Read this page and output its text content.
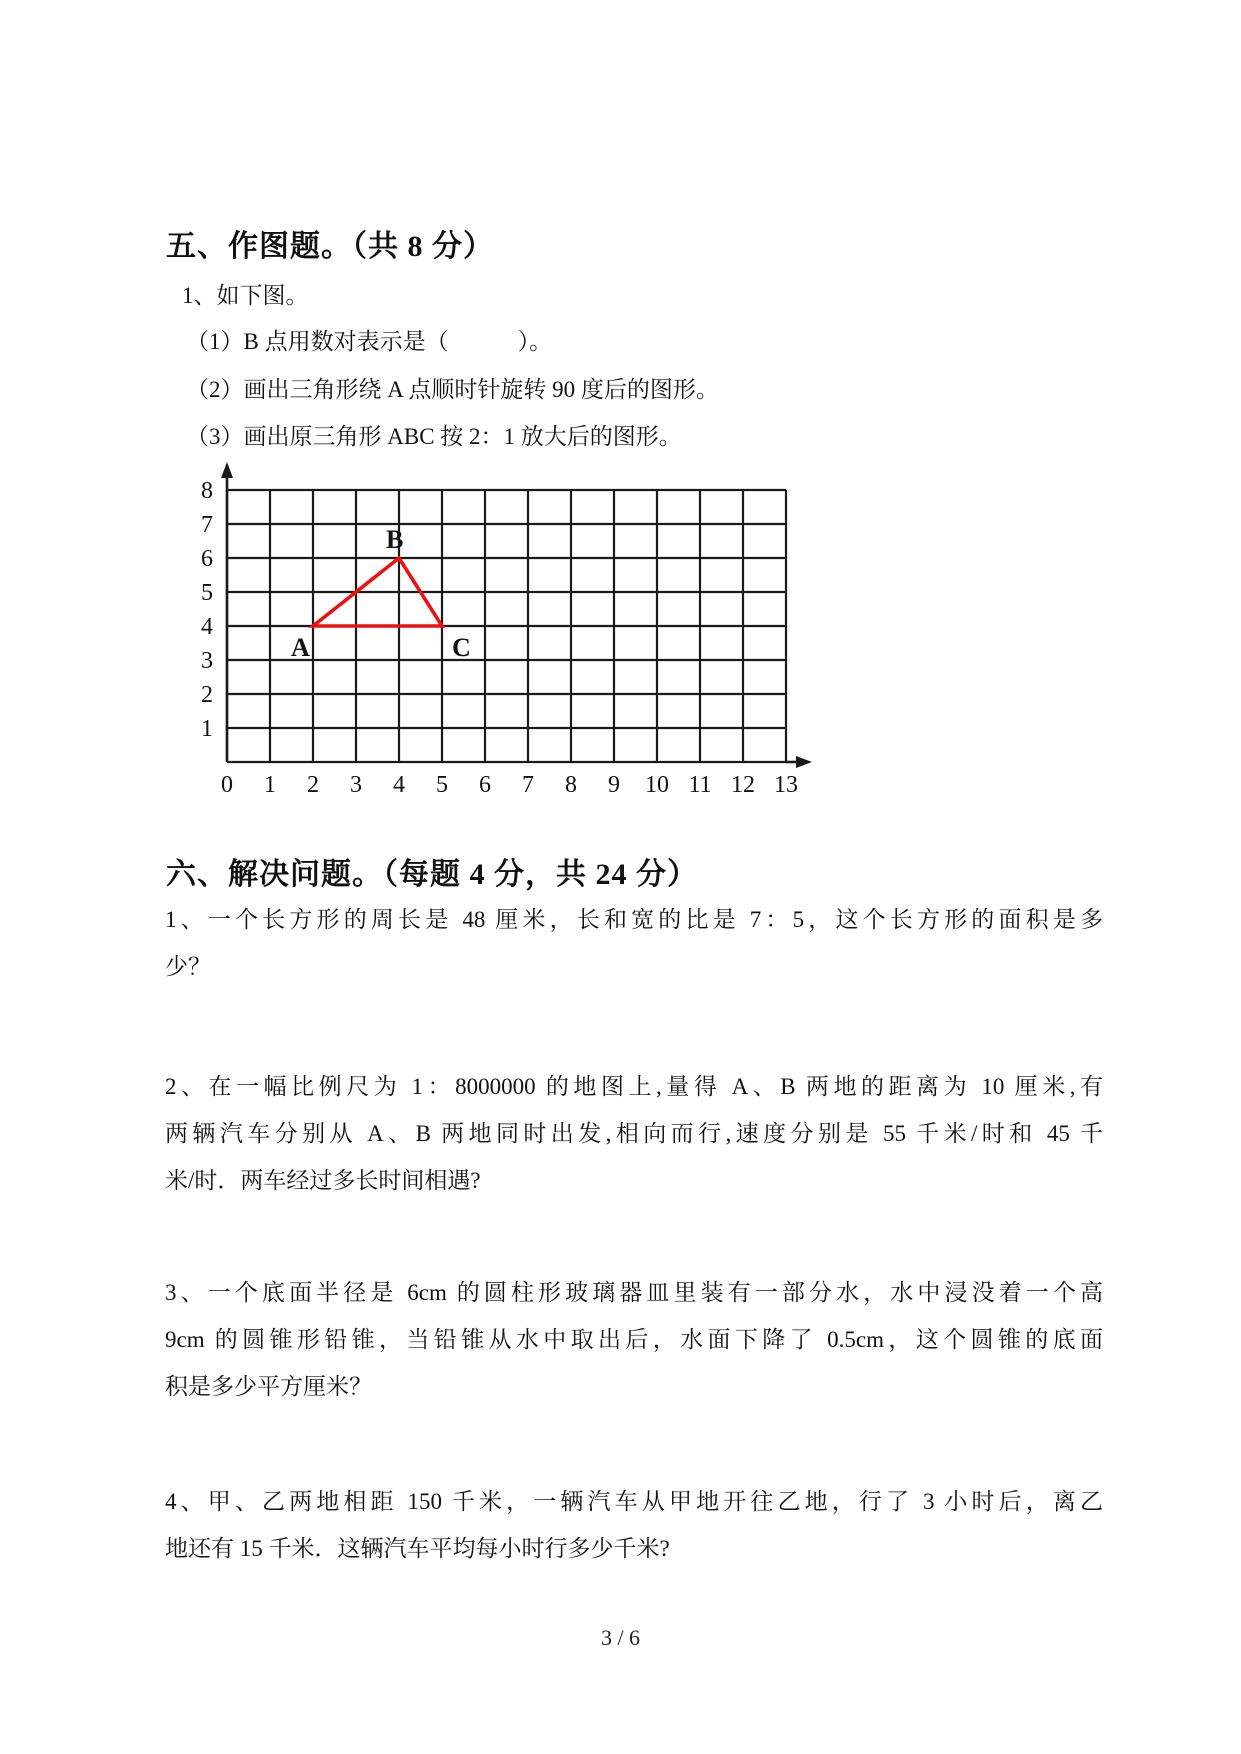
五、作图题。（共 8 分）
1、如下图。
（1）B 点用数对表示是（　　　）。
（2）画出三角形绕 A 点顺时针旋转 90 度后的图形。
（3）画出原三角形 ABC 按 2：1 放大后的图形。
8
7
6
5
4
3
2
1
0 1 2 3 4 5 6 7 8 9 10 11 12 13
A
B
C
六、解决问题。（每题 4 分，共 24 分）
1、一个长方形的周长是 48 厘米，长和宽的比是 7：5，这个长方形的面积是多
少？
2、在一幅比例尺为 1：8000000 的地图上,量得 A、B 两地的距离为 10 厘米,有
两辆汽车分别从 A、B 两地同时出发,相向而行,速度分别是 55 千米/时和 45 千
米/时．两车经过多长时间相遇?
3、一个底面半径是 6cm 的圆柱形玻璃器皿里装有一部分水，水中浸没着一个高
9cm 的圆锥形铅锥，当铅锥从水中取出后，水面下降了 0.5cm，这个圆锥的底面
积是多少平方厘米？
4、甲、乙两地相距 150 千米，一辆汽车从甲地开往乙地，行了 3 小时后，离乙
地还有 15 千米．这辆汽车平均每小时行多少千米?
3 / 6
